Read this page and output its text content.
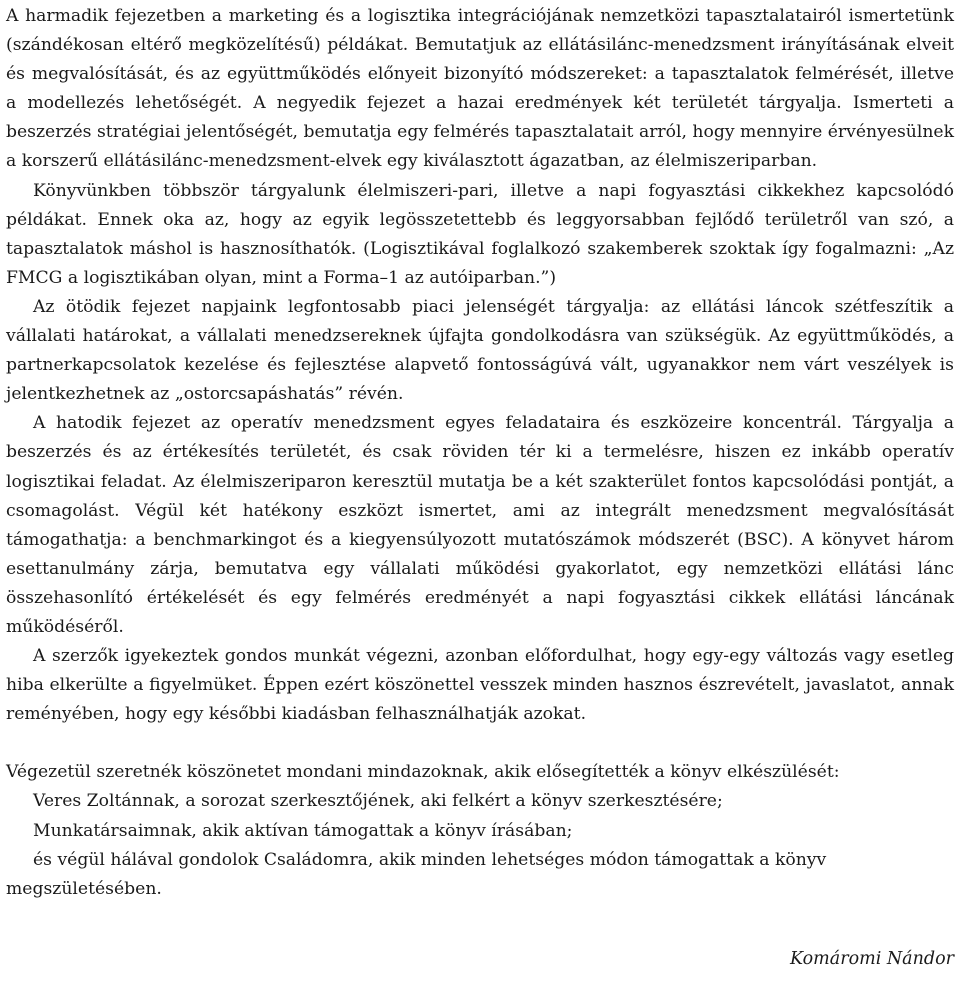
A harmadik fejezetben a marketing és a logisztika integrációjának nemzetközi tapasztalatairól ismertetünk (szándékosan eltérő megközelítésű) példákat. Bemutatjuk az ellátásilánc-menedzsment irányításának elveit és megvalósítását, és az együttműködés előnyeit bizonyító módszereket: a tapasztalatok felmérését, illetve a modellezés lehetőségét. A negyedik fejezet a hazai eredmények két területét tárgyalja. Ismerteti a beszerzés stratégiai jelentőségét, bemutatja egy felmérés tapasztalatait arról, hogy mennyire érvényesülnek a korszerű ellátásilánc-menedzsment-elvek egy kiválasztott ágazatban, az élelmiszeriparban.

Könyvünkben többször tárgyalunk élelmiszeri-pari, illetve a napi fogyasztási cikkekhez kapcsolódó példákat. Ennek oka az, hogy az egyik legösszetettebb és leggyorsabban fejlődő területről van szó, a tapasztalatok máshol is hasznosíthatók. (Logisztikával foglalkozó szakemberek szoktak így fogalmazni: „Az FMCG a logisztikában olyan, mint a Forma–1 az autóiparban.”)

Az ötödik fejezet napjaink legfontosabb piaci jelenségét tárgyalja: az ellátási láncok szétfeszítik a vállalati határokat, a vállalati menedzsereknek újfajta gondolkodásra van szükségük. Az együttműködés, a partnerkapcsolatok kezelése és fejlesztése alapvető fontosságúvá vált, ugyanakkor nem várt veszélyek is jelentkezhetnek az „ostorcsapáshatás” révén.

A hatodik fejezet az operatív menedzsment egyes feladataira és eszközeire koncentrál. Tárgyalja a beszerzés és az értékesítés területét, és csak röviden tér ki a termelésre, hiszen ez inkább operatív logisztikai feladat. Az élelmiszeriparon keresztül mutatja be a két szakterület fontos kapcsolódási pontját, a csomagolást. Végül két hatékony eszközt ismertet, ami az integrált menedzsment megvalósítását támogathatja: a benchmarkingot és a kiegyensúlyozott mutatószámok módszerét (BSC). A könyvet három esettanulmány zárja, bemutatva egy vállalati működési gyakorlatot, egy nemzetközi ellátási lánc összehasonlító értékelését és egy felmérés eredményét a napi fogyasztási cikkek ellátási láncának működéséről.

A szerzők igyekeztek gondos munkát végezni, azonban előfordulhat, hogy egy-egy változás vagy esetleg hiba elkerülte a figyelmüket. Éppen ezért köszönettel vesszek minden hasznos észrevételt, javaslatot, annak reményében, hogy egy későbbi kiadásban felhasználhatják azokat.

Végezetül szeretnék köszönetet mondani mindazoknak, akik elősegítették a könyv elkészülését:

Veres Zoltánnak, a sorozat szerkesztőjének, aki felkért a könyv szerkesztésére;

Munkatársaimnak, akik aktívan támogattak a könyv írásában;

és végül hálával gondolok Családomra, akik minden lehetséges módon támogattak a könyv megszületésében.

Komáromi Nándor
